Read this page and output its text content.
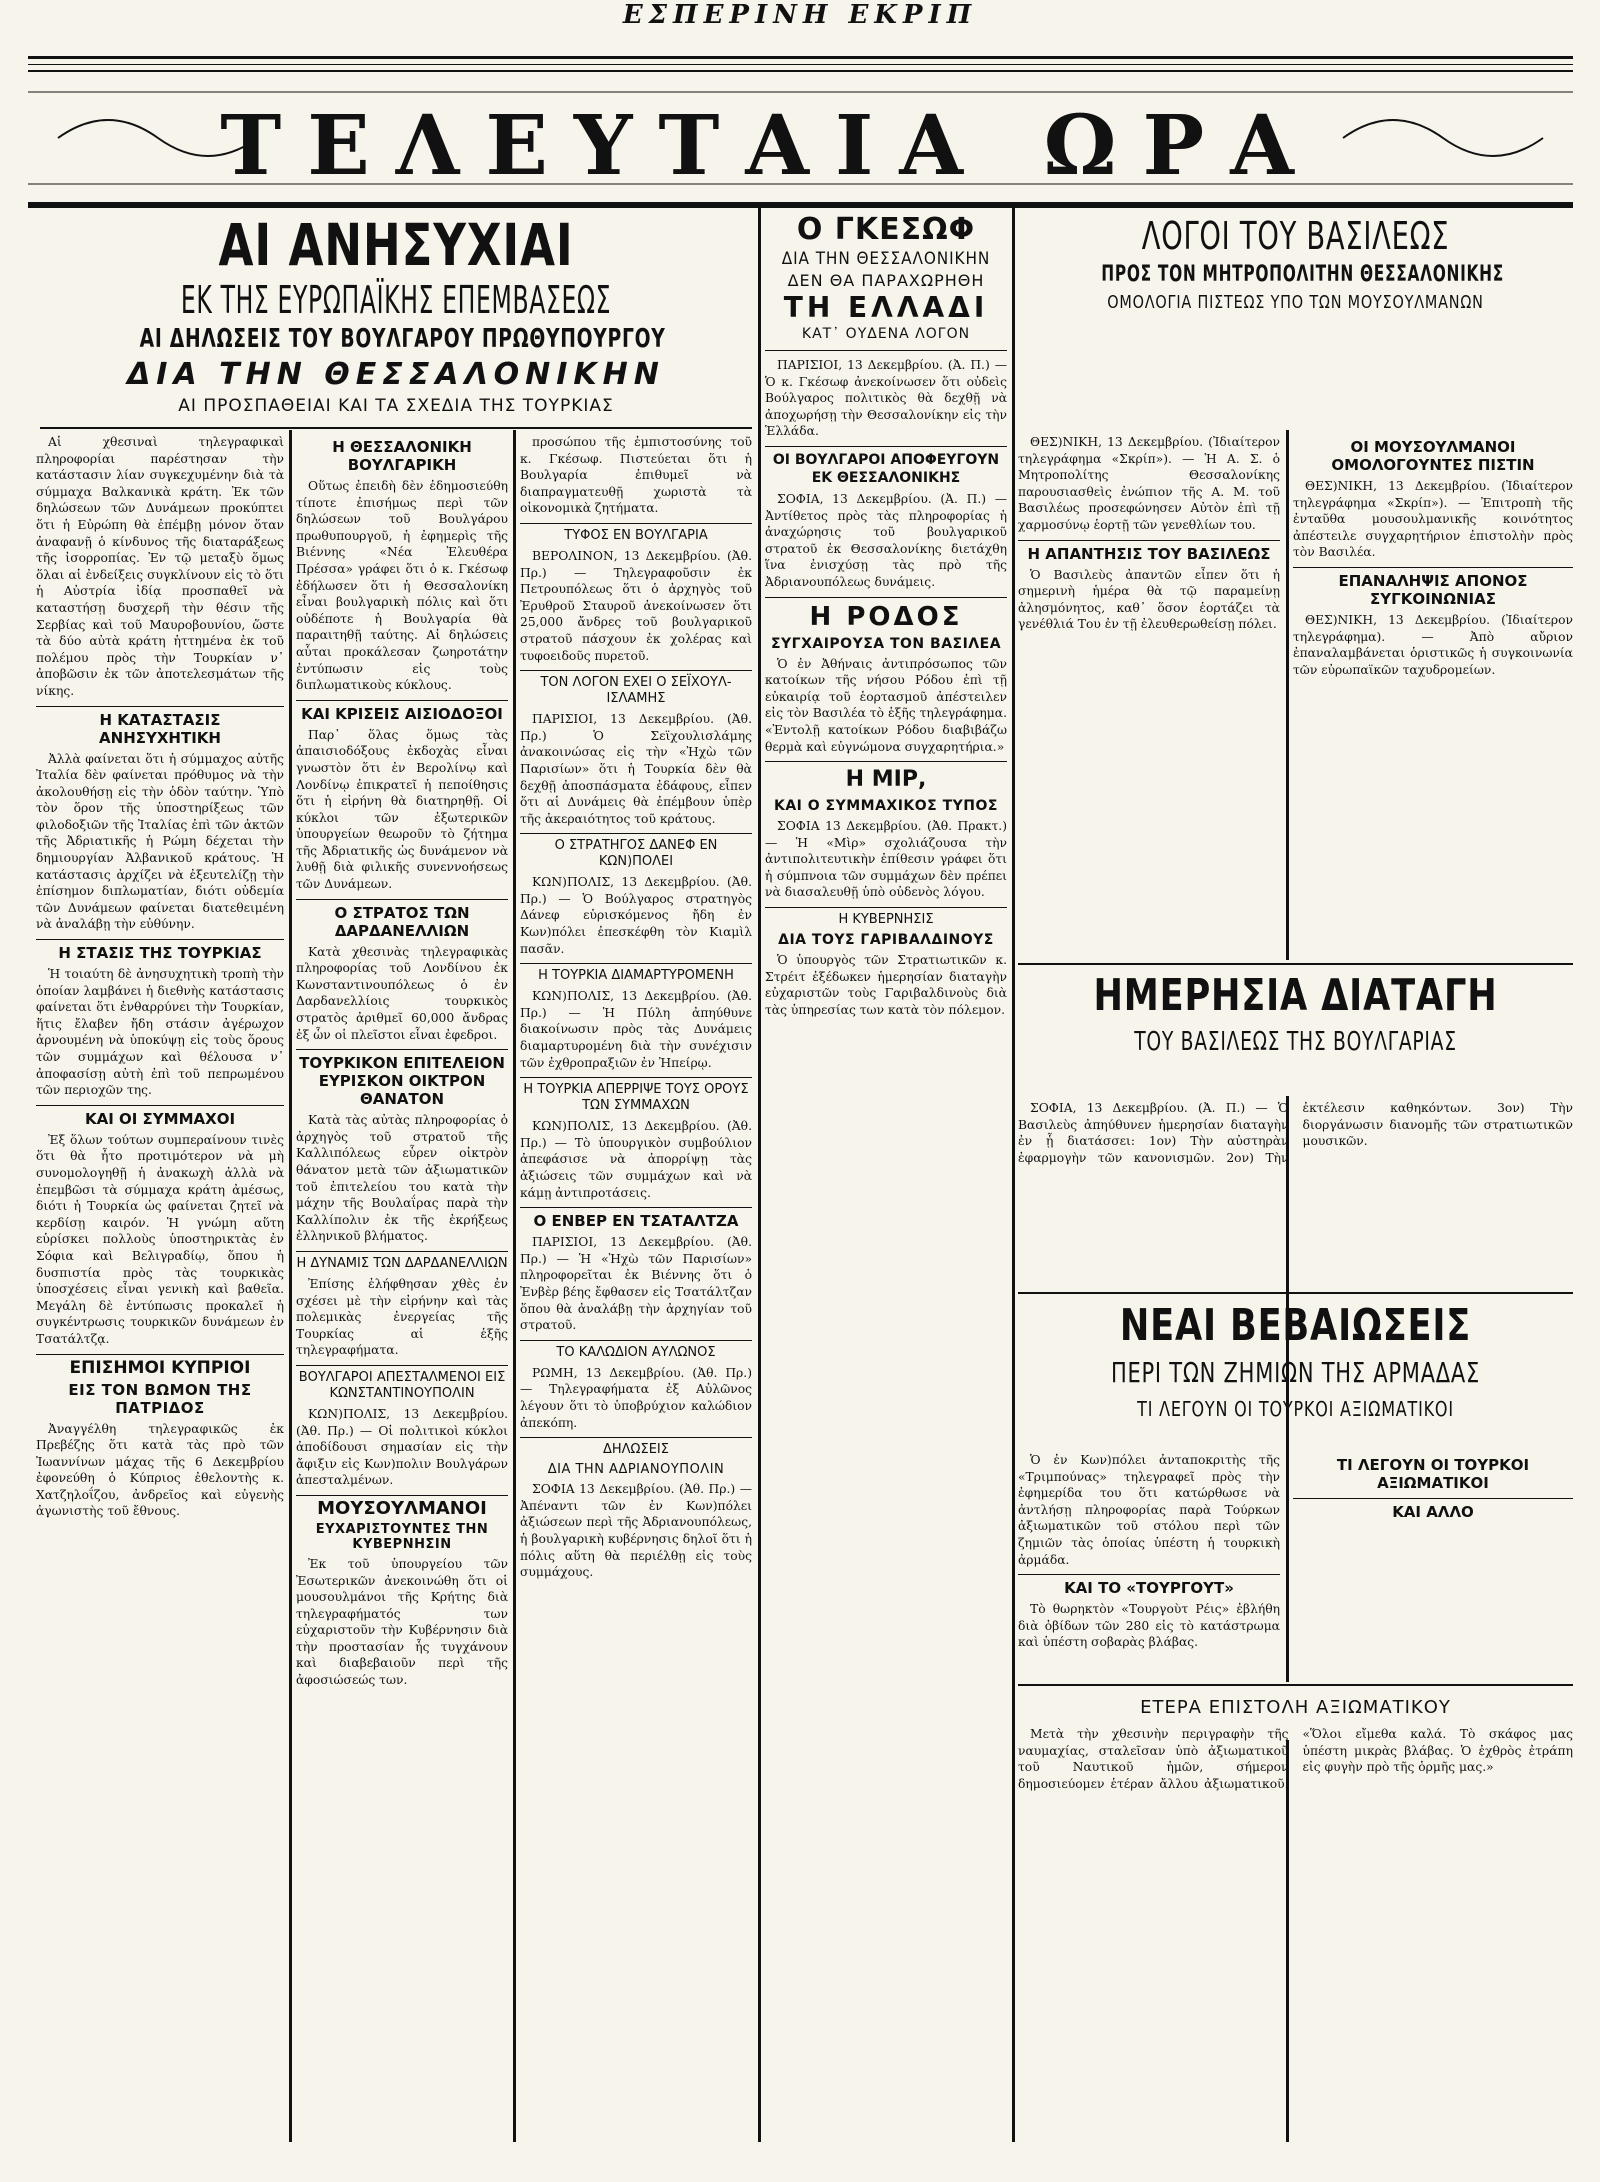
ΕΣΠΕΡΙΝΗ ΕΚΡΙΠ
ΤΕΛΕΥΤΑΙΑ ΩΡΑ
ΑΙ ΑΝΗΣΥΧΙΑΙ
ΕΚ ΤΗΣ ΕΥΡΩΠΑΪΚΗΣ ΕΠΕΜΒΑΣΕΩΣ
ΑΙ ΔΗΛΩΣΕΙΣ ΤΟΥ ΒΟΥΛΓΑΡΟΥ ΠΡΩΘΥΠΟΥΡΓΟΥ
ΔΙΑ ΤΗΝ ΘΕΣΣΑΛΟΝΙΚΗΝ
ΑΙ ΠΡΟΣΠΑΘΕΙΑΙ ΚΑΙ ΤΑ ΣΧΕΔΙΑ ΤΗΣ ΤΟΥΡΚΙΑΣ

Αἱ χθεσιναὶ τηλεγραφικαὶ πληροφορίαι παρέστησαν τὴν κατάστασιν λίαν συγκεχυμένην διὰ τὰ σύμμαχα Βαλκανικὰ κράτη. Ἐκ τῶν δηλώσεων τῶν Δυνάμεων προκύπτει ὅτι ἡ Εὐρώπη θὰ ἐπέμβῃ μόνον ὅταν ἀναφανῇ ὁ κίνδυνος τῆς διαταράξεως τῆς ἰσορροπίας. Ἐν τῷ μεταξὺ ὅμως ὅλαι αἱ ἐνδείξεις συγκλίνουν εἰς τὸ ὅτι ἡ Αὐστρία ἰδίᾳ προσπαθεῖ νὰ καταστήσῃ δυσχερῆ τὴν θέσιν τῆς Σερβίας καὶ τοῦ Μαυροβουνίου, ὥστε τὰ δύο αὐτὰ κράτη ἡττημένα ἐκ τοῦ πολέμου πρὸς τὴν Τουρκίαν ν᾿ ἀποβῶσιν ἐκ τῶν ἀποτελεσμάτων τῆς νίκης.

Η ΚΑΤΑΣΤΑΣΙΣ ΑΝΗΣΥΧΗΤΙΚΗ

Ἀλλὰ φαίνεται ὅτι ἡ σύμμαχος αὐτῆς Ἰταλία δὲν φαίνεται πρόθυμος νὰ τὴν ἀκολουθήσῃ εἰς τὴν ὁδὸν ταύτην. Ὑπὸ τὸν ὅρον τῆς ὑποστηρίξεως τῶν φιλοδοξιῶν τῆς Ἰταλίας ἐπὶ τῶν ἀκτῶν τῆς Ἀδριατικῆς ἡ Ρώμη δέχεται τὴν δημιουργίαν Ἀλβανικοῦ κράτους. Ἡ κατάστασις ἀρχίζει νὰ ἐξευτελίζῃ τὴν ἐπίσημον διπλωματίαν, διότι οὐδεμία τῶν Δυνάμεων φαίνεται διατεθειμένη νὰ ἀναλάβῃ τὴν εὐθύνην.

Η ΣΤΑΣΙΣ ΤΗΣ ΤΟΥΡΚΙΑΣ

Ἡ τοιαύτη δὲ ἀνησυχητικὴ τροπὴ τὴν ὁποίαν λαμβάνει ἡ διεθνὴς κατάστασις φαίνεται ὅτι ἐνθαρρύνει τὴν Τουρκίαν, ἥτις ἔλαβεν ἤδη στάσιν ἀγέρωχον ἀρνουμένη νὰ ὑποκύψῃ εἰς τοὺς ὅρους τῶν συμμάχων καὶ θέλουσα ν᾿ ἀποφασίσῃ αὐτὴ ἐπὶ τοῦ πεπρωμένου τῶν περιοχῶν της.

ΚΑΙ ΟΙ ΣΥΜΜΑΧΟΙ

Ἐξ ὅλων τούτων συμπεραίνουν τινὲς ὅτι θὰ ἦτο προτιμότερον νὰ μὴ συνομολογηθῇ ἡ ἀνακωχὴ ἀλλὰ νὰ ἐπεμβῶσι τὰ σύμμαχα κράτη ἀμέσως, διότι ἡ Τουρκία ὡς φαίνεται ζητεῖ νὰ κερδίσῃ καιρόν. Ἡ γνώμη αὕτη εὑρίσκει πολλοὺς ὑποστηρικτὰς ἐν Σόφια καὶ Βελιγραδίῳ, ὅπου ἡ δυσπιστία πρὸς τὰς τουρκικὰς ὑποσχέσεις εἶναι γενικὴ καὶ βαθεῖα. Μεγάλη δὲ ἐντύπωσις προκαλεῖ ἡ συγκέντρωσις τουρκικῶν δυνάμεων ἐν Τσατάλτζᾳ.

ΕΠΙΣΗΜΟΙ ΚΥΠΡΙΟΙ
ΕΙΣ ΤΟΝ ΒΩΜΟΝ ΤΗΣ ΠΑΤΡΙΔΟΣ

Ἀναγγέλθη τηλεγραφικῶς ἐκ Πρεβέζης ὅτι κατὰ τὰς πρὸ τῶν Ἰωαννίνων μάχας τῆς 6 Δεκεμβρίου ἐφονεύθη ὁ Κύπριος ἐθελοντὴς κ. Χατζηλοΐζου, ἀνδρεῖος καὶ εὐγενὴς ἀγωνιστὴς τοῦ ἔθνους.

Η ΘΕΣΣΑΛΟΝΙΚΗ ΒΟΥΛΓΑΡΙΚΗ

Οὕτως ἐπειδὴ δὲν ἐδημοσιεύθη τίποτε ἐπισήμως περὶ τῶν δηλώσεων τοῦ Βουλγάρου πρωθυπουργοῦ, ἡ ἐφημερὶς τῆς Βιέννης «Νέα Ἐλευθέρα Πρέσσα» γράφει ὅτι ὁ κ. Γκέσωφ ἐδήλωσεν ὅτι ἡ Θεσσαλονίκη εἶναι βουλγαρικὴ πόλις καὶ ὅτι οὐδέποτε ἡ Βουλγαρία θὰ παραιτηθῇ ταύτης. Αἱ δηλώσεις αὗται προκάλεσαν ζωηροτάτην ἐντύπωσιν εἰς τοὺς διπλωματικοὺς κύκλους.

ΚΑΙ ΚΡΙΣΕΙΣ ΑΙΣΙΟΔΟΞΟΙ

Παρ᾿ ὅλας ὅμως τὰς ἀπαισιοδόξους ἐκδοχὰς εἶναι γνωστὸν ὅτι ἐν Βερολίνῳ καὶ Λονδίνῳ ἐπικρατεῖ ἡ πεποίθησις ὅτι ἡ εἰρήνη θὰ διατηρηθῇ. Οἱ κύκλοι τῶν ἐξωτερικῶν ὑπουργείων θεωροῦν τὸ ζήτημα τῆς Ἀδριατικῆς ὡς δυνάμενον νὰ λυθῇ διὰ φιλικῆς συνεννοήσεως τῶν Δυνάμεων.

Ο ΣΤΡΑΤΟΣ ΤΩΝ ΔΑΡΔΑΝΕΛΛΙΩΝ

Κατὰ χθεσινὰς τηλεγραφικὰς πληροφορίας τοῦ Λονδίνου ἐκ Κωνσταντινουπόλεως ὁ ἐν Δαρδανελλίοις τουρκικὸς στρατὸς ἀριθμεῖ 60,000 ἄνδρας ἐξ ὧν οἱ πλεῖστοι εἶναι ἐφεδροι.

ΤΟΥΡΚΙΚΟΝ ΕΠΙΤΕΛΕΙΟΝ ΕΥΡΙΣΚΟΝ ΟΙΚΤΡΟΝ ΘΑΝΑΤΟΝ

Κατὰ τὰς αὐτὰς πληροφορίας ὁ ἀρχηγὸς τοῦ στρατοῦ τῆς Καλλιπόλεως εὗρεν οἰκτρὸν θάνατον μετὰ τῶν ἀξιωματικῶν τοῦ ἐπιτελείου του κατὰ τὴν μάχην τῆς Βουλαΐρας παρὰ τὴν Καλλίπολιν ἐκ τῆς ἐκρήξεως ἑλληνικοῦ βλήματος.

Η ΔΥΝΑΜΙΣ ΤΩΝ ΔΑΡΔΑΝΕΛΛΙΩΝ

Ἐπίσης ἐλήφθησαν χθὲς ἐν σχέσει μὲ τὴν εἰρήνην καὶ τὰς πολεμικὰς ἐνεργείας τῆς Τουρκίας αἱ ἑξῆς τηλεγραφήματα.

ΒΟΥΛΓΑΡΟΙ ΑΠΕΣΤΑΛΜΕΝΟΙ ΕΙΣ ΚΩΝΣΤΑΝΤΙΝΟΥΠΟΛΙΝ

ΚΩΝ)ΠΟΛΙΣ, 13 Δεκεμβρίου. (Ἀθ. Πρ.) — Οἱ πολιτικοὶ κύκλοι ἀποδίδουσι σημασίαν εἰς τὴν ἄφιξιν εἰς Κων)πολιν Βουλγάρων ἀπεσταλμένων.

ΜΟΥΣΟΥΛΜΑΝΟΙ
ΕΥΧΑΡΙΣΤΟΥΝΤΕΣ ΤΗΝ ΚΥΒΕΡΝΗΣΙΝ

Ἐκ τοῦ ὑπουργείου τῶν Ἐσωτερικῶν ἀνεκοινώθη ὅτι οἱ μουσουλμάνοι τῆς Κρήτης διὰ τηλεγραφήματός των εὐχαριστοῦν τὴν Κυβέρνησιν διὰ τὴν προστασίαν ἧς τυγχάνουν καὶ διαβεβαιοῦν περὶ τῆς ἀφοσιώσεώς των.

προσώπου τῆς ἐμπιστοσύνης τοῦ κ. Γκέσωφ. Πιστεύεται ὅτι ἡ Βουλγαρία ἐπιθυμεῖ νὰ διαπραγματευθῇ χωριστὰ τὰ οἰκονομικὰ ζητήματα.

ΤΥΦΟΣ ΕΝ ΒΟΥΛΓΑΡΙΑ

ΒΕΡΟΛΙΝΟΝ, 13 Δεκεμβρίου. (Ἀθ. Πρ.) — Τηλεγραφοῦσιν ἐκ Πετρουπόλεως ὅτι ὁ ἀρχηγὸς τοῦ Ἐρυθροῦ Σταυροῦ ἀνεκοίνωσεν ὅτι 25,000 ἄνδρες τοῦ βουλγαρικοῦ στρατοῦ πάσχουν ἐκ χολέρας καὶ τυφοειδοῦς πυρετοῦ.

ΤΟΝ ΛΟΓΟΝ ΕΧΕΙ Ο ΣΕΪΧΟΥΛ-ΙΣΛΑΜΗΣ

ΠΑΡΙΣΙΟΙ, 13 Δεκεμβρίου. (Ἀθ. Πρ.) Ὁ Σεϊχουλισλάμης ἀνακοινώσας εἰς τὴν «Ἠχὼ τῶν Παρισίων» ὅτι ἡ Τουρκία δὲν θὰ δεχθῇ ἀποσπάσματα ἐδάφους, εἶπεν ὅτι αἱ Δυνάμεις θὰ ἐπέμβουν ὑπὲρ τῆς ἀκεραιότητος τοῦ κράτους.

Ο ΣΤΡΑΤΗΓΟΣ ΔΑΝΕΦ ΕΝ ΚΩΝ)ΠΟΛΕΙ

ΚΩΝ)ΠΟΛΙΣ, 13 Δεκεμβρίου. (Ἀθ. Πρ.) — Ὁ Βούλγαρος στρατηγὸς Δάνεφ εὑρισκόμενος ἤδη ἐν Κων)πόλει ἐπεσκέφθη τὸν Κιαμὶλ πασᾶν.

Η ΤΟΥΡΚΙΑ ΔΙΑΜΑΡΤΥΡΟΜΕΝΗ

ΚΩΝ)ΠΟΛΙΣ, 13 Δεκεμβρίου. (Ἀθ. Πρ.) — Ἡ Πύλη ἀπηύθυνε διακοίνωσιν πρὸς τὰς Δυνάμεις διαμαρτυρομένη διὰ τὴν συνέχισιν τῶν ἐχθροπραξιῶν ἐν Ἠπείρῳ.

Η ΤΟΥΡΚΙΑ ΑΠΕΡΡΙΨΕ ΤΟΥΣ ΟΡΟΥΣ ΤΩΝ ΣΥΜΜΑΧΩΝ

ΚΩΝ)ΠΟΛΙΣ, 13 Δεκεμβρίου. (Ἀθ. Πρ.) — Τὸ ὑπουργικὸν συμβούλιον ἀπεφάσισε νὰ ἀπορρίψῃ τὰς ἀξιώσεις τῶν συμμάχων καὶ νὰ κάμῃ ἀντιπροτάσεις.

Ο ΕΝΒΕΡ ΕΝ ΤΣΑΤΑΛΤΖΑ

ΠΑΡΙΣΙΟΙ, 13 Δεκεμβρίου. (Ἀθ. Πρ.) — Ἡ «Ἠχὼ τῶν Παρισίων» πληροφορεῖται ἐκ Βιέννης ὅτι ὁ Ἐνβὲρ βέης ἔφθασεν εἰς Τσατάλτζαν ὅπου θὰ ἀναλάβῃ τὴν ἀρχηγίαν τοῦ στρατοῦ.

ΤΟ ΚΑΛΩΔΙΟΝ ΑΥΛΩΝΟΣ

ΡΩΜΗ, 13 Δεκεμβρίου. (Ἀθ. Πρ.) — Τηλεγραφήματα ἐξ Αὐλῶνος λέγουν ὅτι τὸ ὑποβρύχιον καλώδιον ἀπεκόπη.

ΔΗΛΩΣΕΙΣ
ΔΙΑ ΤΗΝ ΑΔΡΙΑΝΟΥΠΟΛΙΝ

ΣΟΦΙΑ 13 Δεκεμβρίου. (Ἀθ. Πρ.) — Ἀπέναντι τῶν ἐν Κων)πόλει ἀξιώσεων περὶ τῆς Ἀδριανουπόλεως, ἡ βουλγαρικὴ κυβέρνησις δηλοῖ ὅτι ἡ πόλις αὕτη θὰ περιέλθῃ εἰς τοὺς συμμάχους.

Ο ΓΚΕΣΩΦ
ΔΙΑ ΤΗΝ ΘΕΣΣΑΛΟΝΙΚΗΝ
ΔΕΝ ΘΑ ΠΑΡΑΧΩΡΗΘΗ
ΤΗ ΕΛΛΑΔΙ
ΚΑΤ᾿ ΟΥΔΕΝΑ ΛΟΓΟΝ

ΠΑΡΙΣΙΟΙ, 13 Δεκεμβρίου. (Ἀ. Π.) — Ὁ κ. Γκέσωφ ἀνεκοίνωσεν ὅτι οὐδεὶς Βούλγαρος πολιτικὸς θὰ δεχθῇ νὰ ἀποχωρήσῃ τὴν Θεσσαλονίκην εἰς τὴν Ἑλλάδα.

ΟΙ ΒΟΥΛΓΑΡΟΙ ΑΠΟΦΕΥΓΟΥΝ ΕΚ ΘΕΣΣΑΛΟΝΙΚΗΣ

ΣΟΦΙΑ, 13 Δεκεμβρίου. (Ἀ. Π.) — Ἀντίθετος πρὸς τὰς πληροφορίας ἡ ἀναχώρησις τοῦ βουλγαρικοῦ στρατοῦ ἐκ Θεσσαλονίκης διετάχθη ἵνα ἐνισχύσῃ τὰς πρὸ τῆς Ἀδριανουπόλεως δυνάμεις.

Η ΡΟΔΟΣ
ΣΥΓΧΑΙΡΟΥΣΑ ΤΟΝ ΒΑΣΙΛΕΑ

Ὁ ἐν Ἀθήναις ἀντιπρόσωπος τῶν κατοίκων τῆς νήσου Ρόδου ἐπὶ τῇ εὐκαιρίᾳ τοῦ ἑορτασμοῦ ἀπέστειλεν εἰς τὸν Βασιλέα τὸ ἑξῆς τηλεγράφημα. «Ἐντολῇ κατοίκων Ρόδου διαβιβάζω θερμὰ καὶ εὐγνώμονα συγχαρητήρια.»

Η ΜΙΡ,
ΚΑΙ Ο ΣΥΜΜΑΧΙΚΟΣ ΤΥΠΟΣ

ΣΟΦΙΑ 13 Δεκεμβρίου. (Ἀθ. Πρακτ.) — Ἡ «Μὶρ» σχολιάζουσα τὴν ἀντιπολιτευτικὴν ἐπίθεσιν γράφει ὅτι ἡ σύμπνοια τῶν συμμάχων δὲν πρέπει νὰ διασαλευθῇ ὑπὸ οὐδενὸς λόγου.

Η ΚΥΒΕΡΝΗΣΙΣ
ΔΙΑ ΤΟΥΣ ΓΑΡΙΒΑΛΔΙΝΟΥΣ

Ὁ ὑπουργὸς τῶν Στρατιωτικῶν κ. Στρέιτ ἐξέδωκεν ἡμερησίαν διαταγὴν εὐχαριστῶν τοὺς Γαριβαλδινοὺς διὰ τὰς ὑπηρεσίας των κατὰ τὸν πόλεμον.

ΛΟΓΟΙ ΤΟΥ ΒΑΣΙΛΕΩΣ
ΠΡΟΣ ΤΟΝ ΜΗΤΡΟΠΟΛΙΤΗΝ ΘΕΣΣΑΛΟΝΙΚΗΣ
ΟΜΟΛΟΓΙΑ ΠΙΣΤΕΩΣ ΥΠΟ ΤΩΝ ΜΟΥΣΟΥΛΜΑΝΩΝ

ΘΕΣ)ΝΙΚΗ, 13 Δεκεμβρίου. (Ἰδιαίτερον τηλεγράφημα «Σκρίπ»). — Ἡ Α. Σ. ὁ Μητροπολίτης Θεσσαλονίκης παρουσιασθεὶς ἐνώπιον τῆς Α. Μ. τοῦ Βασιλέως προσεφώνησεν Αὐτὸν ἐπὶ τῇ χαρμοσύνῳ ἑορτῇ τῶν γενεθλίων του.

Η ΑΠΑΝΤΗΣΙΣ ΤΟΥ ΒΑΣΙΛΕΩΣ

Ὁ Βασιλεὺς ἀπαντῶν εἶπεν ὅτι ἡ σημερινὴ ἡμέρα θὰ τῷ παραμείνῃ ἀλησμόνητος, καθ᾿ ὅσον ἑορτάζει τὰ γενέθλιά Του ἐν τῇ ἐλευθερωθείσῃ πόλει.

ΟΙ ΜΟΥΣΟΥΛΜΑΝΟΙ ΟΜΟΛΟΓΟΥΝΤΕΣ ΠΙΣΤΙΝ

ΘΕΣ)ΝΙΚΗ, 13 Δεκεμβρίου. (Ἰδιαίτερον τηλεγράφημα «Σκρίπ»). — Ἐπιτροπὴ τῆς ἐνταῦθα μουσουλμανικῆς κοινότητος ἀπέστειλε συγχαρητήριον ἐπιστολὴν πρὸς τὸν Βασιλέα.

ΕΠΑΝΑΛΗΨΙΣ ΑΠΟΝΟΣ ΣΥΓΚΟΙΝΩΝΙΑΣ

ΘΕΣ)ΝΙΚΗ, 13 Δεκεμβρίου. (Ἰδιαίτερον τηλεγράφημα). — Ἀπὸ αὔριον ἐπαναλαμβάνεται ὁριστικῶς ἡ συγκοινωνία τῶν εὐρωπαϊκῶν ταχυδρομείων.

ΗΜΕΡΗΣΙΑ ΔΙΑΤΑΓΗ
ΤΟΥ ΒΑΣΙΛΕΩΣ ΤΗΣ ΒΟΥΛΓΑΡΙΑΣ

ΣΟΦΙΑ, 13 Δεκεμβρίου. (Ἀ. Π.) — Ὁ Βασιλεὺς ἀπηύθυνεν ἡμερησίαν διαταγὴν ἐν ᾗ διατάσσει: 1ον) Τὴν αὐστηρὰν ἐφαρμογὴν τῶν κανονισμῶν. 2ον) Τὴν ἐκτέλεσιν καθηκόντων. 3ον) Τὴν διοργάνωσιν διανομῆς τῶν στρατιωτικῶν μουσικῶν.

ΝΕΑΙ ΒΕΒΑΙΩΣΕΙΣ
ΠΕΡΙ ΤΩΝ ΖΗΜΙΩΝ ΤΗΣ ΑΡΜΑΔΑΣ
ΤΙ ΛΕΓΟΥΝ ΟΙ ΤΟΥΡΚΟΙ ΑΞΙΩΜΑΤΙΚΟΙ

Ὁ ἐν Κων)πόλει ἀνταποκριτὴς τῆς «Τριμπούνας» τηλεγραφεῖ πρὸς τὴν ἐφημερίδα του ὅτι κατώρθωσε νὰ ἀντλήσῃ πληροφορίας παρὰ Τούρκων ἀξιωματικῶν τοῦ στόλου περὶ τῶν ζημιῶν τὰς ὁποίας ὑπέστη ἡ τουρκικὴ ἀρμάδα.

ΚΑΙ ΤΟ «ΤΟΥΡΓΟΥΤ»

Τὸ θωρηκτὸν «Τουργοὺτ Ρέις» ἐβλήθη διὰ ὀβίδων τῶν 280 εἰς τὸ κατάστρωμα καὶ ὑπέστη σοβαρὰς βλάβας.

ΤΙ ΛΕΓΟΥΝ ΟΙ ΤΟΥΡΚΟΙ ΑΞΙΩΜΑΤΙΚΟΙ
ΚΑΙ ΑΛΛΟ
ΕΤΕΡΑ ΕΠΙΣΤΟΛΗ ΑΞΙΩΜΑΤΙΚΟΥ

Μετὰ τὴν χθεσινὴν περιγραφὴν τῆς ναυμαχίας, σταλεῖσαν ὑπὸ ἀξιωματικοῦ τοῦ Ναυτικοῦ ἡμῶν, σήμερον δημοσιεύομεν ἑτέραν ἄλλου ἀξιωματικοῦ. «Ὅλοι εἴμεθα καλά. Τὸ σκάφος μας ὑπέστη μικρὰς βλάβας. Ὁ ἐχθρὸς ἐτράπη εἰς φυγὴν πρὸ τῆς ὁρμῆς μας.»
